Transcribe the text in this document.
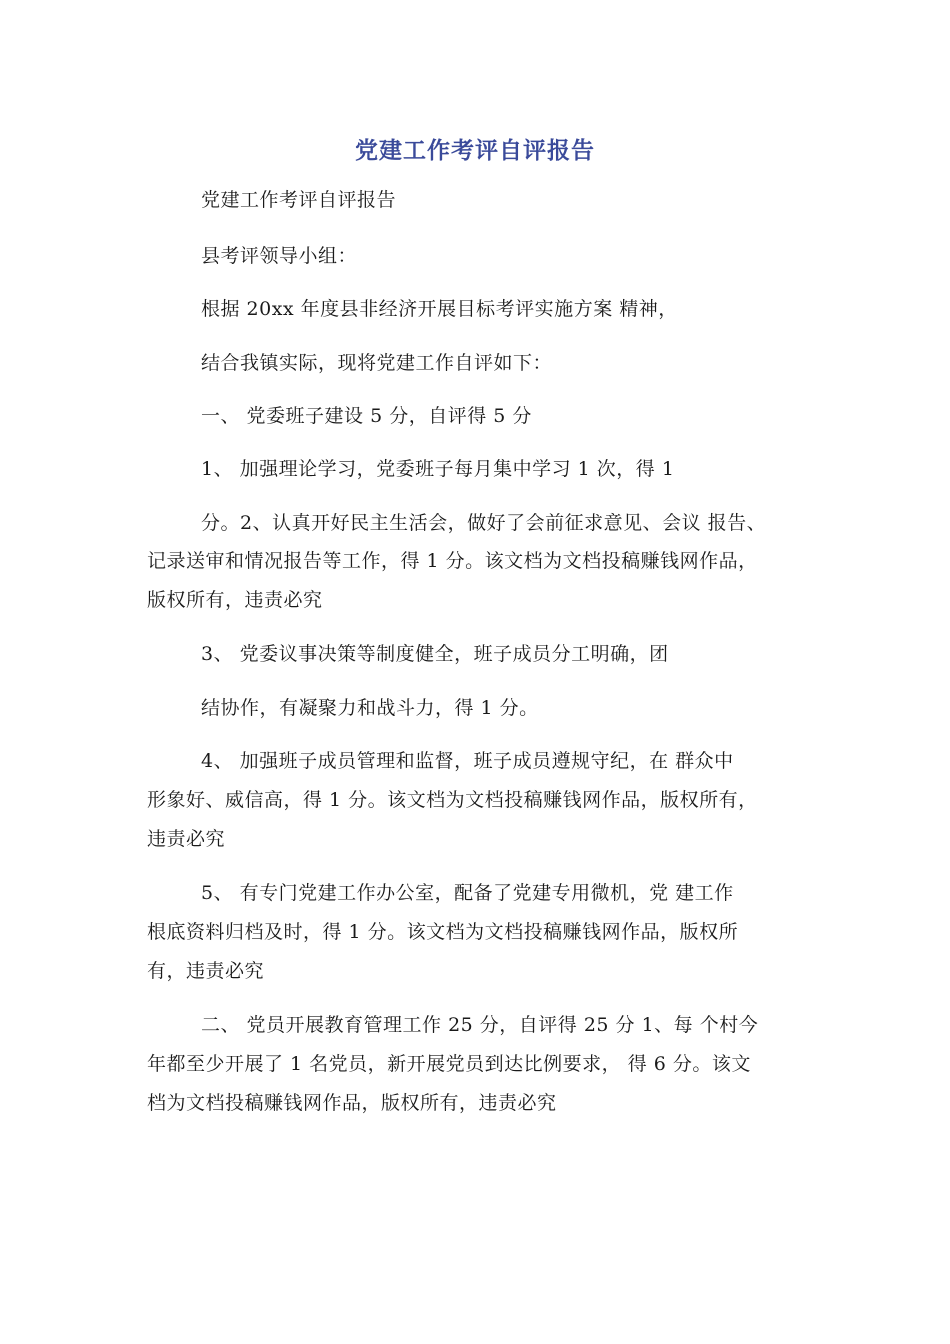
党建工作考评自评报告
党建工作考评自评报告
县考评领导小组：
根据 20xx 年度县非经济开展目标考评实施方案 精神，
结合我镇实际，现将党建工作自评如下：
一、 党委班子建设 5 分，自评得 5 分
1、 加强理论学习，党委班子每月集中学习 1 次，得 1
分。2、认真开好民主生活会，做好了会前征求意见、会议 报告、
记录送审和情况报告等工作，得 1 分。该文档为文档投稿赚钱网作品，
版权所有，违责必究
3、 党委议事决策等制度健全，班子成员分工明确，团
结协作，有凝聚力和战斗力，得 1 分。
4、 加强班子成员管理和监督，班子成员遵规守纪，在 群众中
形象好、威信高，得 1 分。该文档为文档投稿赚钱网作品，版权所有，
违责必究
5、 有专门党建工作办公室，配备了党建专用微机，党 建工作
根底资料归档及时，得 1 分。该文档为文档投稿赚钱网作品，版权所
有，违责必究
二、 党员开展教育管理工作 25 分，自评得 25 分 1、每 个村今
年都至少开展了 1 名党员，新开展党员到达比例要求， 得 6 分。该文
档为文档投稿赚钱网作品，版权所有，违责必究
